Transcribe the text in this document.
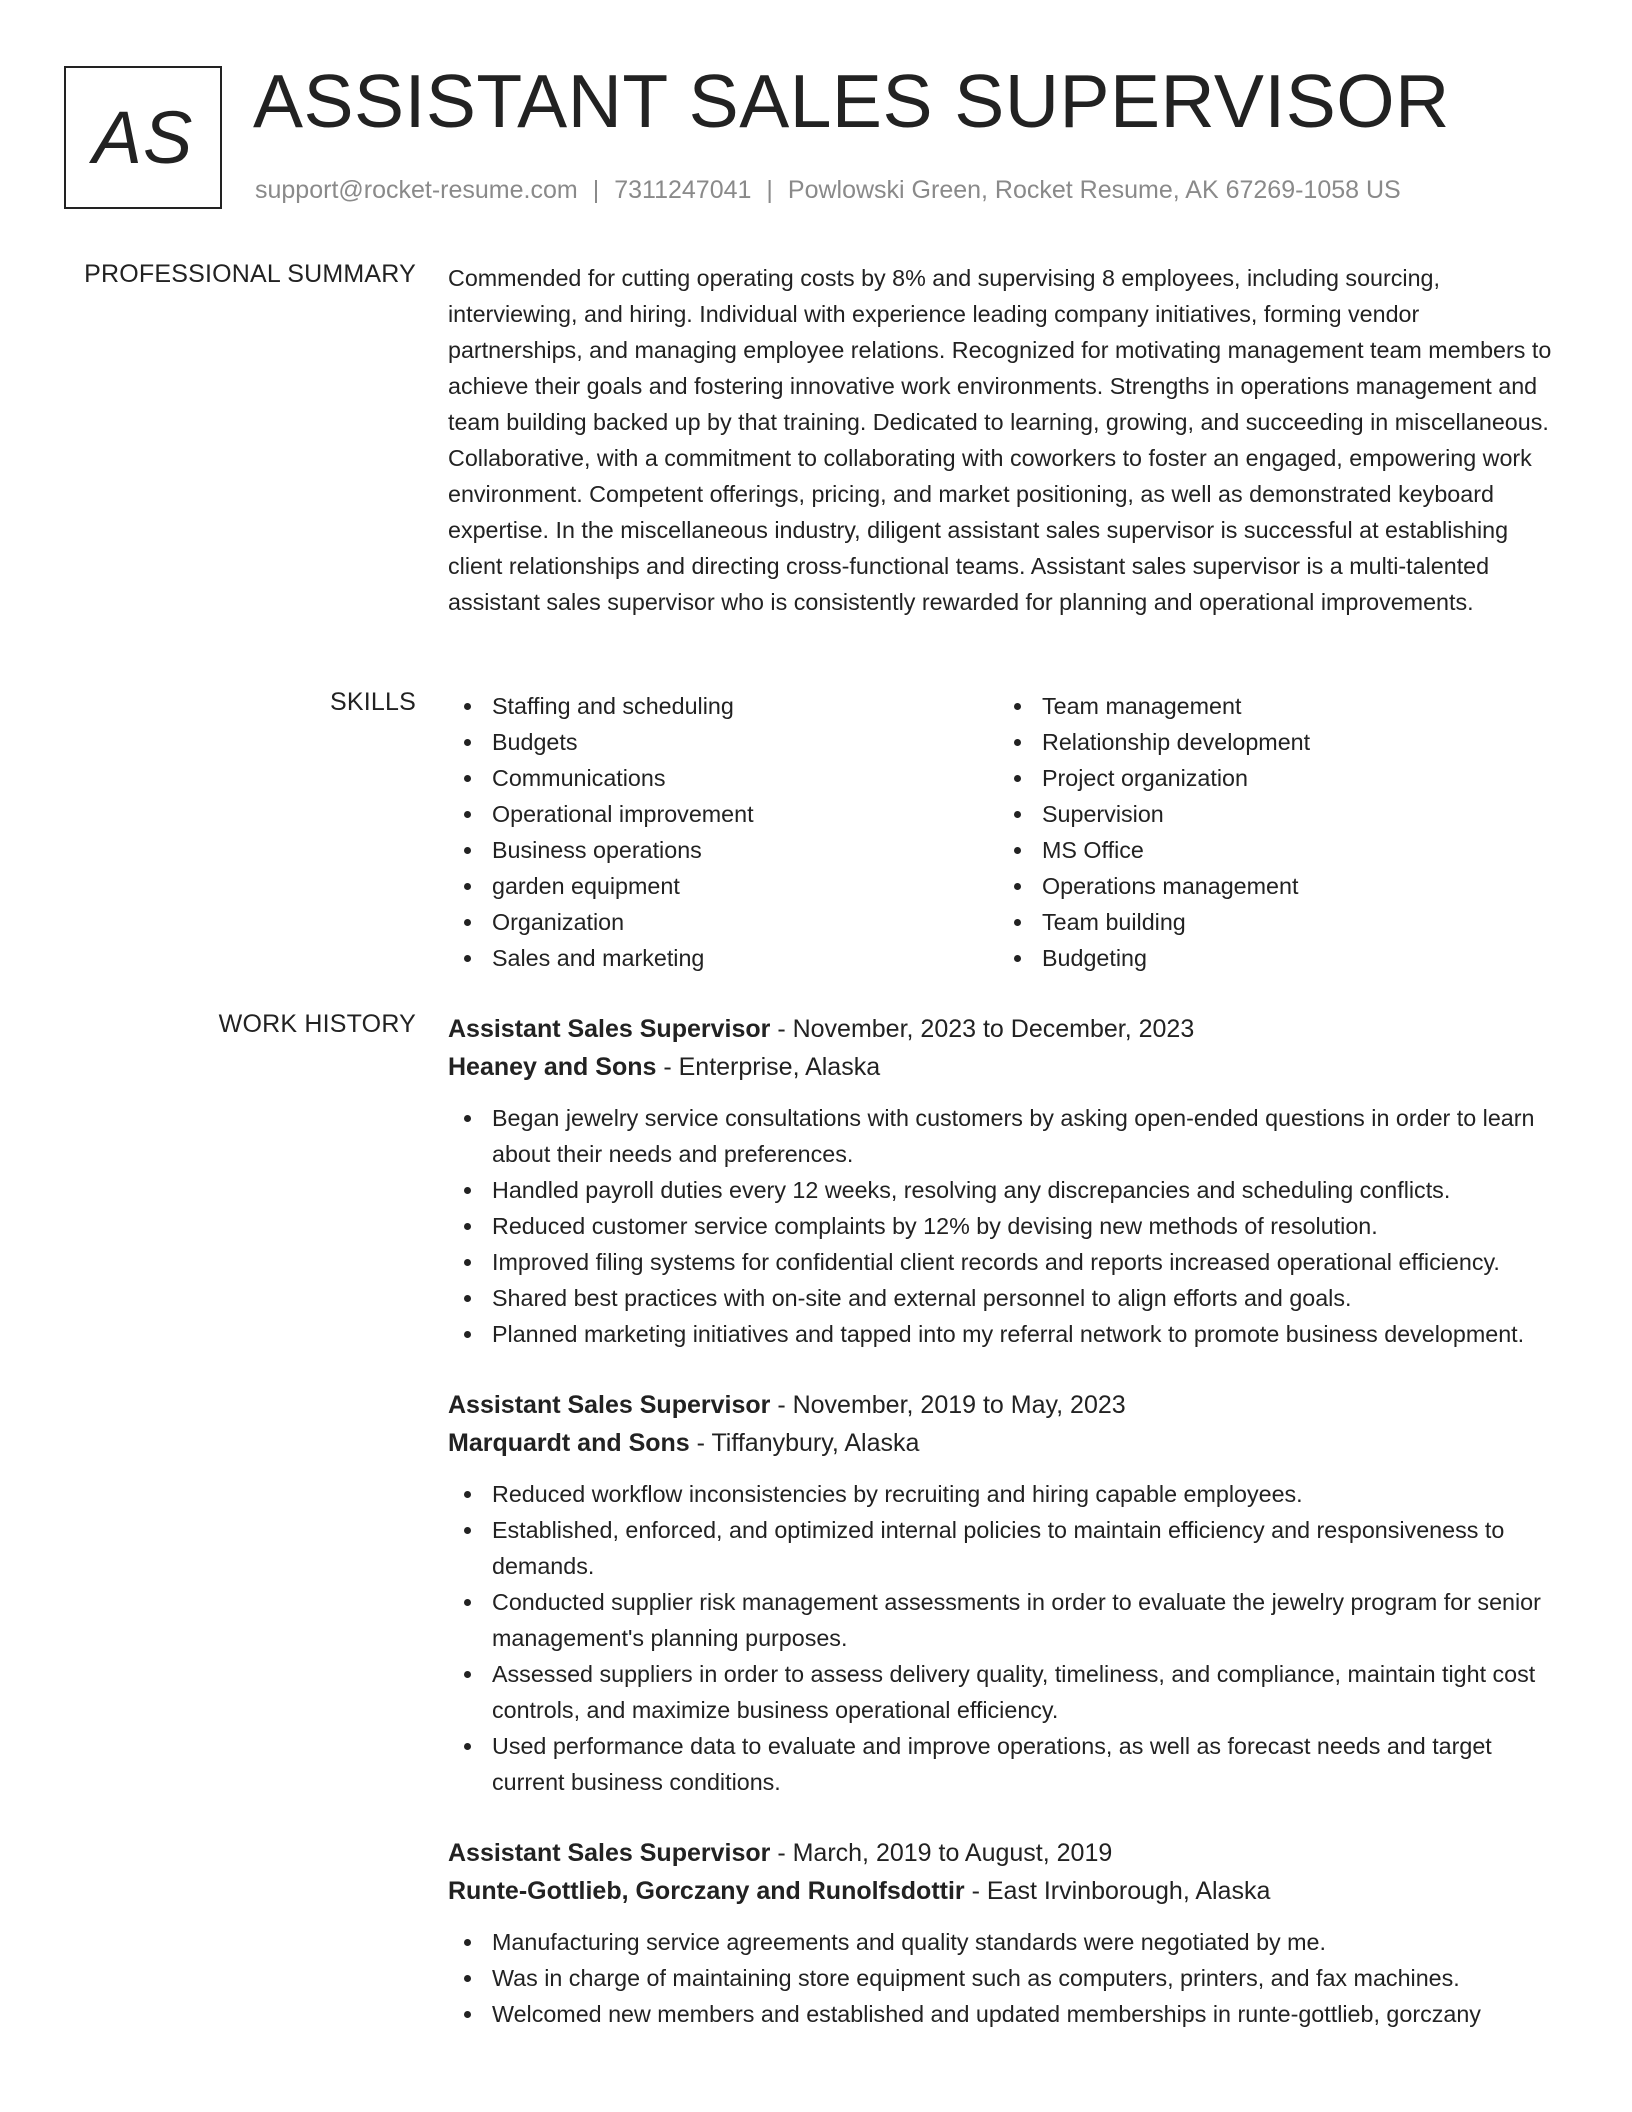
AS ASSISTANT SALES SUPERVISOR
support@rocket-resume.com | 7311247041 | Powlowski Green, Rocket Resume, AK 67269-1058 US
PROFESSIONAL SUMMARY Commended for cutting operating costs by 8% and supervising 8 employees, including sourcing, interviewing, and hiring. Individual with experience leading company initiatives, forming vendor partnerships, and managing employee relations. Recognized for motivating management team members to achieve their goals and fostering innovative work environments. Strengths in operations management and team building backed up by that training. Dedicated to learning, growing, and succeeding in miscellaneous. Collaborative, with a commitment to collaborating with coworkers to foster an engaged, empowering work environment. Competent offerings, pricing, and market positioning, as well as demonstrated keyboard expertise. In the miscellaneous industry, diligent assistant sales supervisor is successful at establishing client relationships and directing cross-functional teams. Assistant sales supervisor is a multi-talented assistant sales supervisor who is consistently rewarded for planning and operational improvements.

SKILLS	Staffing and scheduling
Budgets
Communications
Operational improvement
Business operations
garden equipment
Organization
Sales and marketing
Team management
Relationship development
Project organization
Supervision
MS Office
Operations management
Team building
Budgeting
WORK HISTORY Assistant Sales Supervisor - November, 2023 to December, 2023
Heaney and Sons - Enterprise, Alaska
Began jewelry service consultations with customers by asking open-ended questions in order to learn about their needs and preferences.
Handled payroll duties every 12 weeks, resolving any discrepancies and scheduling conflicts.
Reduced customer service complaints by 12% by devising new methods of resolution.
Improved filing systems for confidential client records and reports increased operational efficiency.
Shared best practices with on-site and external personnel to align efforts and goals.
Planned marketing initiatives and tapped into my referral network to promote business development.
Assistant Sales Supervisor - November, 2019 to May, 2023
Marquardt and Sons - Tiffanybury, Alaska
Reduced workflow inconsistencies by recruiting and hiring capable employees.
Established, enforced, and optimized internal policies to maintain efficiency and responsiveness to demands.
Conducted supplier risk management assessments in order to evaluate the jewelry program for senior management's planning purposes.
Assessed suppliers in order to assess delivery quality, timeliness, and compliance, maintain tight cost controls, and maximize business operational efficiency.
Used performance data to evaluate and improve operations, as well as forecast needs and target current business conditions.
Assistant Sales Supervisor - March, 2019 to August, 2019
Runte-Gottlieb, Gorczany and Runolfsdottir - East Irvinborough, Alaska
Manufacturing service agreements and quality standards were negotiated by me.
Was in charge of maintaining store equipment such as computers, printers, and fax machines.
Welcomed new members and established and updated memberships in runte-gottlieb, gorczany
